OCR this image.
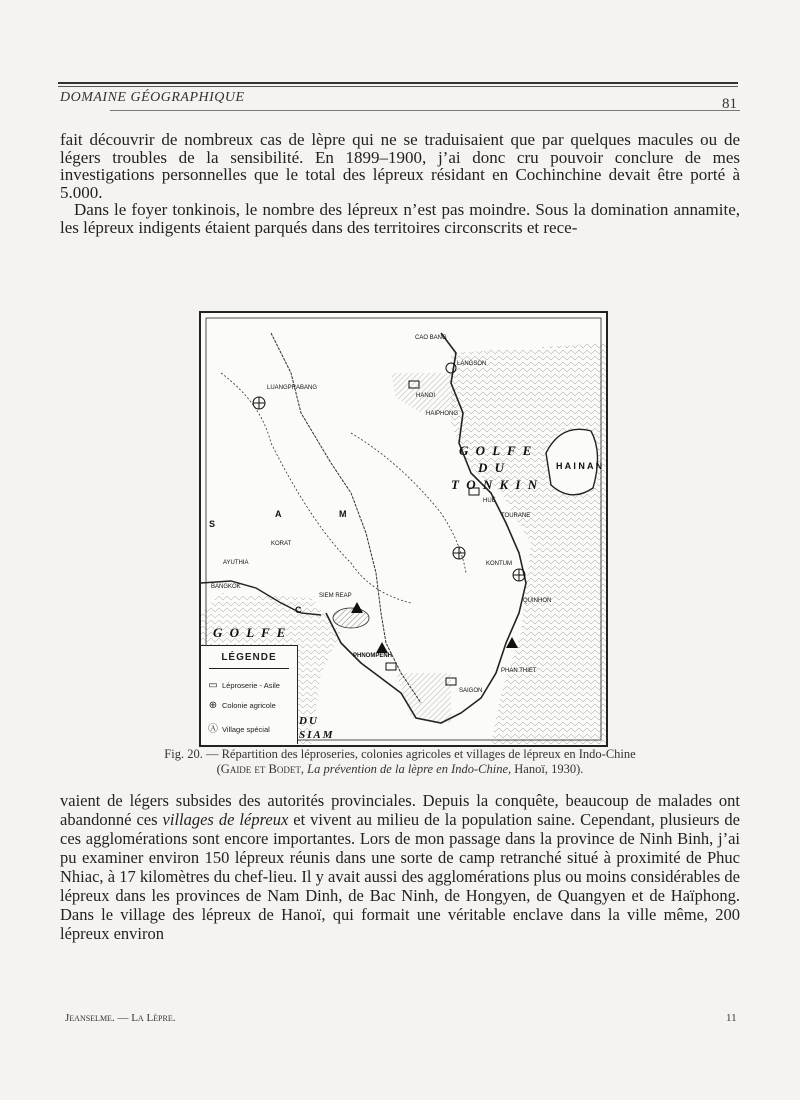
DOMAINE GÉOGRAPHIQUE	81
fait découvrir de nombreux cas de lèpre qui ne se traduisaient que par quelques macules ou de légers troubles de la sensibilité. En 1899–1900, j’ai donc cru pouvoir conclure de mes investigations personnelles que le total des lépreux résidant en Cochinchine devait être porté à 5.000.
Dans le foyer tonkinois, le nombre des lépreux n’est pas moindre. Sous la domination annamite, les lépreux indigents étaient parqués dans des territoires circonscrits et rece-
G O L F E
D U
T O N K I N
H A I N A N
G O L F E
DU
SIAM
PHNOMPENH
HANOI
BANGKOK
HUÉ
SAIGON
KORAT
AYUTHIA
LUANGPRABANG
KONTUM
PHAN THIET
S
A	M
C
SIEM REAP
HAIPHONG
CAO BANG
LANGSON
TOURANE
QUINHON
LÉGENDE
▭ Léproserie - Asile
⊕ Colonie agricole
Ⓐ Village spécial
Fig. 20. — Répartition des léproseries, colonies agricoles et villages de lépreux en Indo-Chine
(Gaide et Bodet, La prévention de la lèpre en Indo-Chine, Hanoï, 1930).
vaient de légers subsides des autorités provinciales. Depuis la conquête, beaucoup de malades ont abandonné ces villages de lépreux et vivent au milieu de la population saine. Cependant, plusieurs de ces agglomérations sont encore importantes. Lors de mon passage dans la province de Ninh Binh, j’ai pu examiner environ 150 lépreux réunis dans une sorte de camp retranché situé à proximité de Phuc Nhiac, à 17 kilomètres du chef-lieu. Il y avait aussi des agglomérations plus ou moins considérables de lépreux dans les provinces de Nam Dinh, de Bac Ninh, de Hongyen, de Quangyen et de Haïphong. Dans le village des lépreux de Hanoï, qui formait une véritable enclave dans la ville même, 200 lépreux environ
Jeanselme. — La Lèpre.	11
